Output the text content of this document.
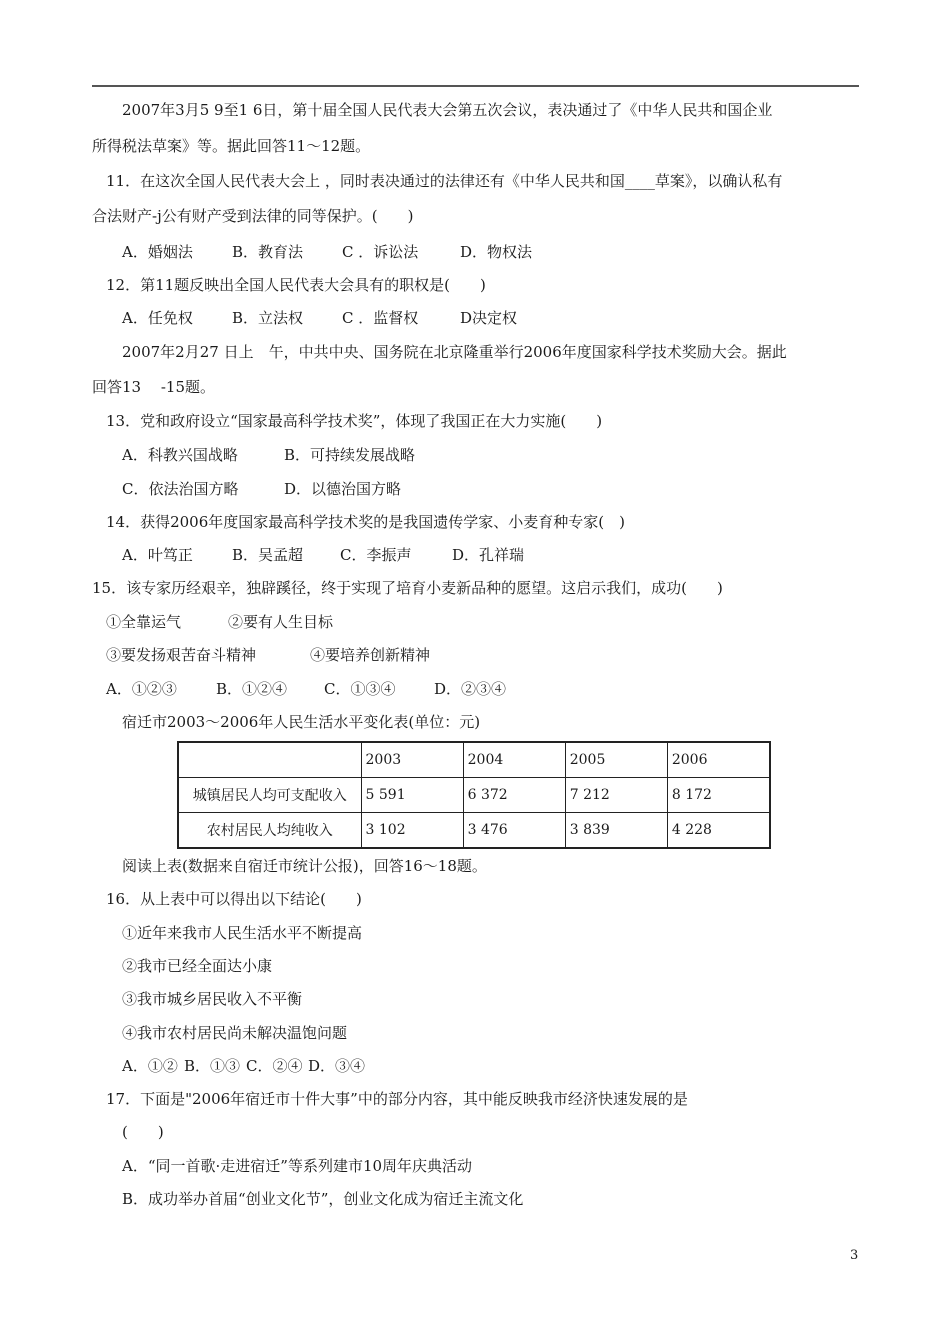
2007年3月5 9至1 6日，第十届全国人民代表大会第五次会议，表决通过了《中华人民共和国企业
所得税法草案》等。据此回答11～12题。
11．在这次全国人民代表大会上 ，同时表决通过的法律还有《中华人民共和国____草案》，以确认私有
合法财产-j公有财产受到法律的同等保护。(　　)
A．婚姻法	B．教育法	C ．诉讼法	D．物权法
12．第11题反映出全国人民代表大会具有的职权是(　　)
A．任免权	B．立法权	C ．监督权	D决定权
2007年2月27 日上　午，中共中央、国务院在北京隆重举行2006年度国家科学技术奖励大会。据此
回答13　 -15题。
13．党和政府设立“国家最高科学技术奖”，体现了我国正在大力实施(　　)
A．科教兴国战略	B．可持续发展战略
C．依法治国方略	D．以德治国方略
14．获得2006年度国家最高科学技术奖的是我国遗传学家、小麦育种专家(　)
A．叶笃正	B．吴孟超 C．李振声	D．孔祥瑞
15．该专家历经艰辛，独辟蹊径，终于实现了培育小麦新品种的愿望。这启示我们，成功(　　)
①全靠运气	②要有人生目标
③要发扬艰苦奋斗精神	④要培养创新精神
A．①②③	B．①②④ C．①③④	D．②③④
宿迁市2003～2006年人民生活水平变化表(单位：元)
	2003	2004	2005	2006
城镇居民人均可支配收入	5 591	6 372	7 212	8 172
农村居民人均纯收入	3 102	3 476	3 839	4 228
阅读上表(数据来自宿迁市统计公报)，回答16～18题。
16．从上表中可以得出以下结论(　　)
①近年来我市人民生活水平不断提高
②我市已经全面达小康
③我市城乡居民收入不平衡
④我市农村居民尚未解决温饱问题
A．①② B．①③ C．②④ D．③④
17．下面是"2006年宿迁市十件大事”中的部分内容，其中能反映我市经济快速发展的是
(　　)
A．“同一首歌·走进宿迁”等系列建市10周年庆典活动
B．成功举办首届“创业文化节”，创业文化成为宿迁主流文化
3
